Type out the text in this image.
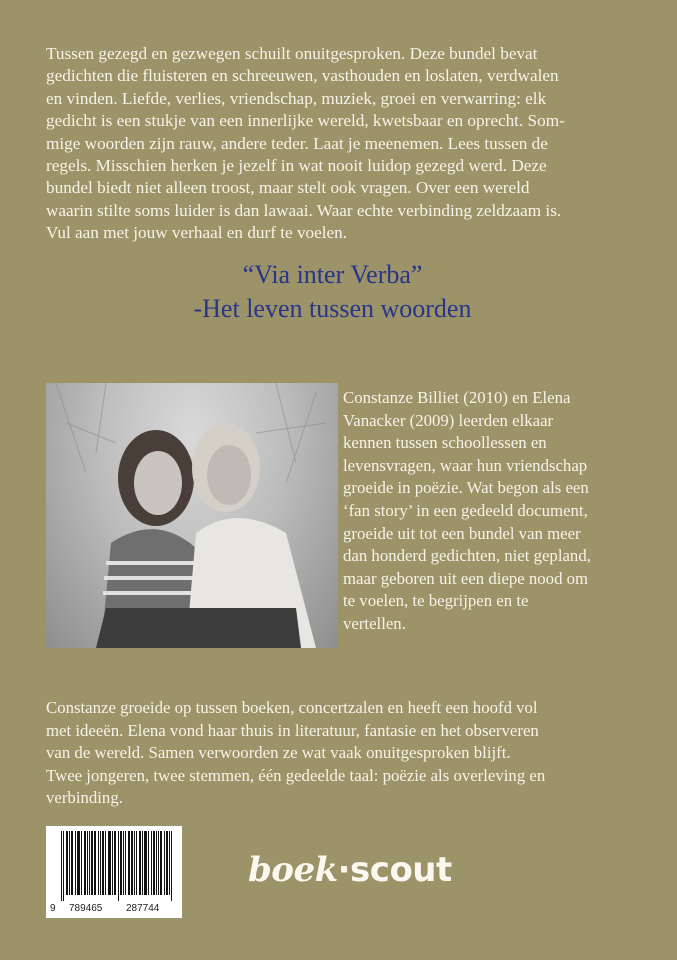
Tussen gezegd en gezwegen schuilt onuitgesproken. Deze bundel bevat
gedichten die fluisteren en schreeuwen, vasthouden en loslaten, verdwalen
en vinden. Liefde, verlies, vriendschap, muziek, groei en verwarring: elk
gedicht is een stukje van een innerlijke wereld, kwetsbaar en oprecht. Som-
mige woorden zijn rauw, andere teder. Laat je meenemen. Lees tussen de
regels. Misschien herken je jezelf in wat nooit luidop gezegd werd. Deze
bundel biedt niet alleen troost, maar stelt ook vragen. Over een wereld
waarin stilte soms luider is dan lawaai. Waar echte verbinding zeldzaam is.
Vul aan met jouw verhaal en durf te voelen.
“Via inter Verba”
-Het leven tussen woorden
Constanze Billiet (2010) en Elena
Vanacker (2009) leerden elkaar
kennen tussen schoollessen en
levensvragen, waar hun vriendschap
groeide in poëzie. Wat begon als een
‘fan story’ in een gedeeld document,
groeide uit tot een bundel van meer
dan honderd gedichten, niet gepland,
maar geboren uit een diepe nood om
te voelen, te begrijpen en te
vertellen.
Constanze groeide op tussen boeken, concertzalen en heeft een hoofd vol
met ideeën. Elena vond haar thuis in literatuur, fantasie en het observeren
van de wereld. Samen verwoorden ze wat vaak onuitgesproken blijft.
Twee jongeren, twee stemmen, één gedeelde taal: poëzie als overleving en
verbinding.
9 789465 287744
boek·scout
